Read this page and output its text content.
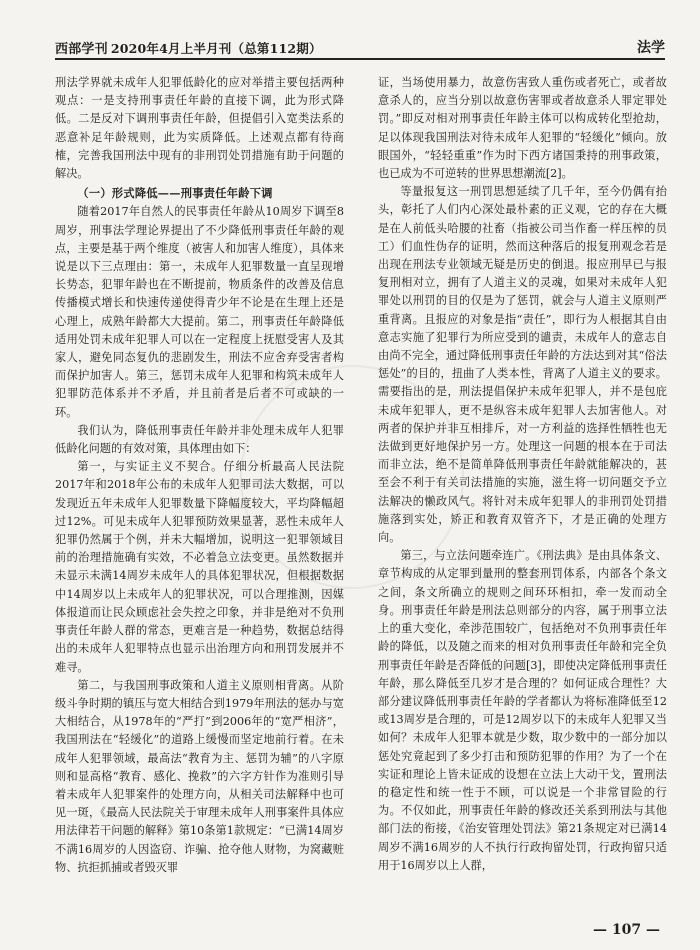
西部学刊 2020年4月上半月刊（总第112期）	法学

刑法学界就未成年人犯罪低龄化的应对举措主要包括两种观点：一是支持刑事责任年龄的直接下调，此为形式降低。二是反对下调刑事责任年龄，但提倡引入宽类法系的恶意补足年龄规则，此为实质降低。上述观点都有待商榷，完善我国刑法中现有的非刑罚处罚措施有助于问题的解决。

（一）形式降低——刑事责任年龄下调

随着2017年自然人的民事责任年龄从10周岁下调至8周岁，刑事法学理论界提出了不少降低刑事责任年龄的观点，主要是基于两个维度（被害人和加害人维度），具体来说是以下三点理由：第一，未成年人犯罪数量一直呈现增长势态，犯罪年龄也在不断提前，物质条件的改善及信息传播模式增长和快速传递使得青少年不论是在生理上还是心理上，成熟年龄都大大提前。第二，刑事责任年龄降低适用处罚未成年犯罪人可以在一定程度上抚慰受害人及其家人，避免同态复仇的悲剧发生，刑法不应舍弃受害者构而保护加害人。第三，惩罚未成年人犯罪和构筑未成年人犯罪防范体系并不矛盾，并且前者是后者不可或缺的一环。

我们认为，降低刑事责任年龄并非处理未成年人犯罪低龄化问题的有效对策，具体理由如下：

第一，与实证主义不契合。仔细分析最高人民法院2017年和2018年公布的未成年人犯罪司法大数据，可以发现近五年未成年人犯罪数量下降幅度较大，平均降幅超过12%。可见未成年人犯罪预防效果显著，恶性未成年人犯罪仍然属于个例，并未大幅增加，说明这一犯罪领域目前的治理措施确有实效，不必着急立法变更。虽然数据并未显示未满14周岁未成年人的具体犯罪状况，但根据数据中14周岁以上未成年人的犯罪状况，可以合理推测，因媒体报道而让民众顾虑社会失控之印象，并非是绝对不负刑事责任年龄人群的常态，更难言是一种趋势，数据总结得出的未成年人犯罪特点也显示出治理方向和刑罚发展并不难寻。

第二，与我国刑事政策和人道主义原则相背离。从阶级斗争时期的镇压与宽大相结合到1979年刑法的惩办与宽大相结合，从1978年的“严打”到2006年的“宽严相济”，我国刑法在“轻缓化”的道路上缓慢而坚定地前行着。在未成年人犯罪领域，最高法“教育为主、惩罚为辅”的八字原则和显高格“教育、感化、挽救”的六字方针作为准则引导着未成年人犯罪案件的处理方向，从相关司法解释中也可见一斑，《最高人民法院关于审理未成年人刑事案件具体应用法律若干问题的解释》第10条第1款规定：“已满14周岁不满16周岁的人因盗窃、诈骗、抢夺他人财物，为窝藏赃物、抗拒抓捕或者毁灭罪

证，当场使用暴力，故意伤害致人重伤或者死亡，或者故意杀人的，应当分别以故意伤害罪或者故意杀人罪定罪处罚。”即反对相对刑事责任年龄主体可以构成转化型抢劫，足以体现我国刑法对待未成年人犯罪的“轻缓化”倾向。放眼国外，“轻轻重重”作为时下西方诸国秉持的刑事政策，也已成为不可逆转的世界思想潮流[2]。

等量报复这一刑罚思想延续了几千年，至今仍偶有抬头，彰托了人们内心深处最朴素的正义观，它的存在大概是在人前低头哈腰的社畜（指被公司当作畜一样压榨的员工）们血性伪存的证明，然而这种落后的报复刑观念若是出现在刑法专业领域无疑是历史的倒退。报应刑早已与报复刑相对立，拥有了人道主义的灵魂，如果对未成年人犯罪处以刑罚的目的仅是为了惩罚，就会与人道主义原则严重背离。且报应的对象是指“责任”，即行为人根据其自由意志实施了犯罪行为所应受到的谴责，未成年人的意志自由尚不完全，通过降低刑事责任年龄的方法达到对其“俗法惩处”的目的，扭曲了人类本性，背离了人道主义的要求。需要指出的是，刑法提倡保护未成年犯罪人，并不是包庇未成年犯罪人，更不是纵容未成年犯罪人去加害他人。对两者的保护并非互相排斥，对一方利益的选择性牺牲也无法做到更好地保护另一方。处理这一问题的根本在于司法而非立法，绝不是简单降低刑事责任年龄就能解决的，甚至会不利于有关司法措施的实施，滋生将一切问题交予立法解决的懒政风气。将针对未成年犯罪人的非刑罚处罚措施落到实处，矫正和教育双管齐下，才是正确的处理方向。

第三，与立法问题牵连广。《刑法典》是由具体条文、章节构成的从定罪到量刑的整套刑罚体系，内部各个条文之间，条文所确立的规则之间环环相扣，牵一发而动全身。刑事责任年龄是刑法总则部分的内容，属于刑事立法上的重大变化，牵涉范围较广，包括绝对不负刑事责任年龄的降低，以及随之而来的相对负刑事责任年龄和完全负刑事责任年龄是否降低的问题[3]，即使决定降低刑事责任年龄，那么降低至几岁才是合理的？如何证成合理性？大部分建议降低刑事责任年龄的学者都认为将标准降低至12或13周岁是合理的，可是12周岁以下的未成年人犯罪又当如何？未成年人犯罪本就是少数，取少数中的一部分加以惩处究竟起到了多少打击和预防犯罪的作用？为了一个在实证和理论上皆未证成的设想在立法上大动干戈，置刑法的稳定性和统一性于不顾，可以说是一个非常冒险的行为。不仅如此，刑事责任年龄的修改还关系到刑法与其他部门法的衔接，《治安管理处罚法》第21条规定对已满14周岁不满16周岁的人不执行行政拘留处罚，行政拘留只适用于16周岁以上人群，

— 107 —
